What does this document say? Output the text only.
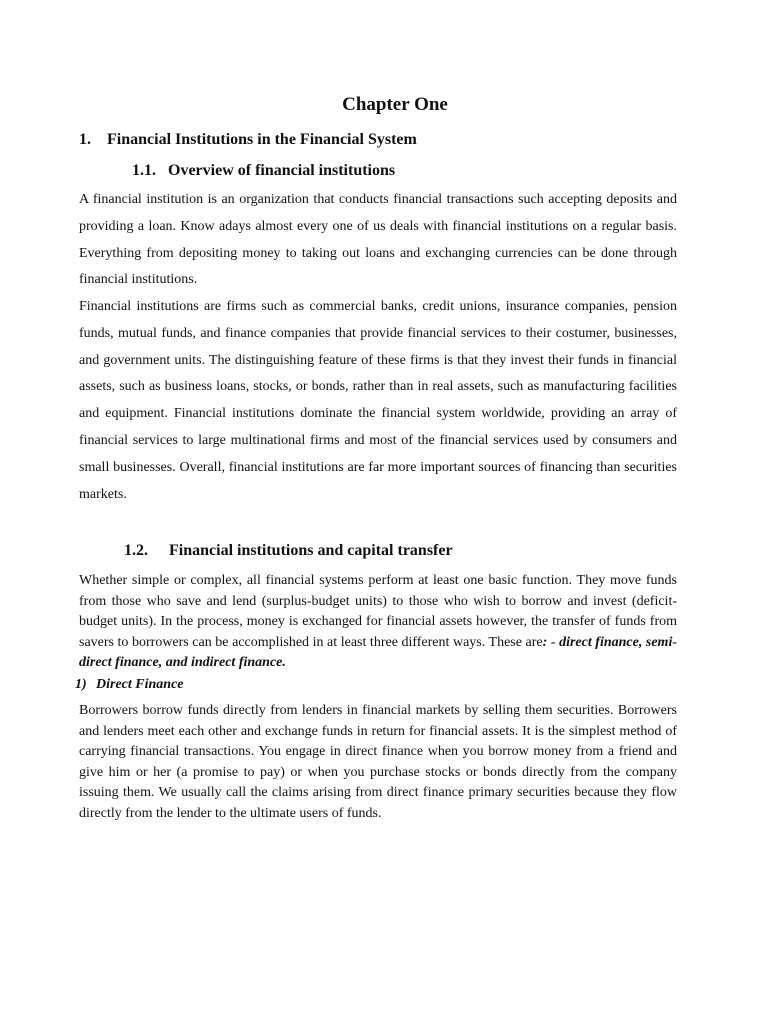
Chapter One
1. Financial Institutions in the Financial System
1.1. Overview of financial institutions

A financial institution is an organization that conducts financial transactions such accepting deposits and providing a loan. Know adays almost every one of us deals with financial institutions on a regular basis. Everything from depositing money to taking out loans and exchanging currencies can be done through financial institutions.

Financial institutions are firms such as commercial banks, credit unions, insurance companies, pension funds, mutual funds, and finance companies that provide financial services to their costumer, businesses, and government units. The distinguishing feature of these firms is that they invest their funds in financial assets, such as business loans, stocks, or bonds, rather than in real assets, such as manufacturing facilities and equipment. Financial institutions dominate the financial system worldwide, providing an array of financial services to large multinational firms and most of the financial services used by consumers and small businesses. Overall, financial institutions are far more important sources of financing than securities markets.

1.2. Financial institutions and capital transfer

Whether simple or complex, all financial systems perform at least one basic function. They move funds from those who save and lend (surplus-budget units) to those who wish to borrow and invest (deficit-budget units). In the process, money is exchanged for financial assets however, the transfer of funds from savers to borrowers can be accomplished in at least three different ways. These are: - direct finance, semi-direct finance, and indirect finance.

1) Direct Finance

Borrowers borrow funds directly from lenders in financial markets by selling them securities. Borrowers and lenders meet each other and exchange funds in return for financial assets. It is the simplest method of carrying financial transactions. You engage in direct finance when you borrow money from a friend and give him or her (a promise to pay) or when you purchase stocks or bonds directly from the company issuing them. We usually call the claims arising from direct finance primary securities because they flow directly from the lender to the ultimate users of funds.
